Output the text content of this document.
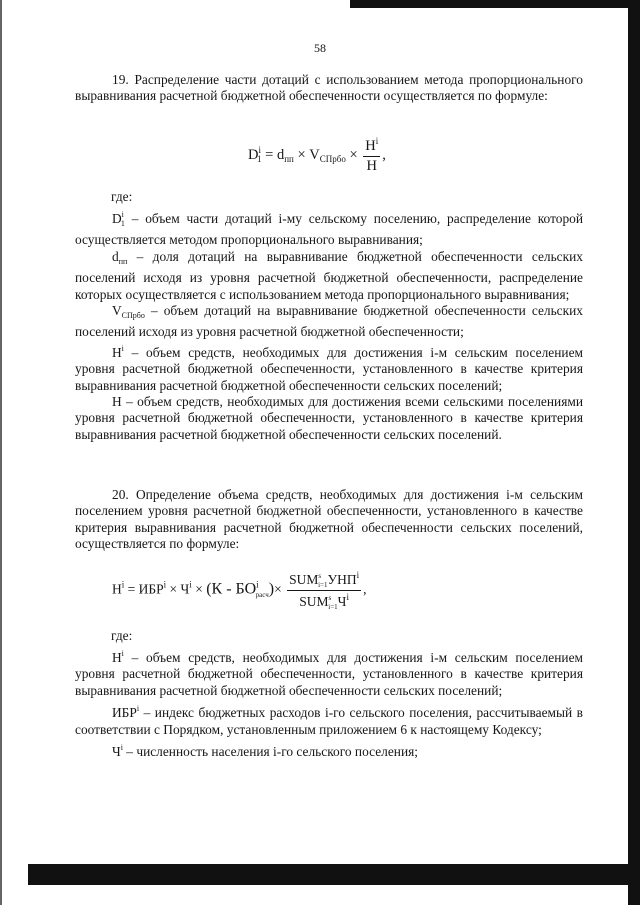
58

19. Распределение части дотаций с использованием метода пропорционального выравнивания расчетной бюджетной обеспеченности осуществляется по формуле:

$D^i_1 = d_{пп} \times V_{СПрбо} \times \frac{H^i}{H}$ ,
где:

$D^i_1$ – объем части дотаций i-му сельскому поселению, распределение которой осуществляется методом пропорционального выравнивания;

$d_{пп}$ – доля дотаций на выравнивание бюджетной обеспеченности сельских поселений исходя из уровня расчетной бюджетной обеспеченности, распределение которых осуществляется с использованием метода пропорционального выравнивания;

$V_{СПрбо}$ – объем дотаций на выравнивание бюджетной обеспеченности сельских поселений исходя из уровня расчетной бюджетной обеспеченности;

$H^i$ – объем средств, необходимых для достижения i-м сельским поселением уровня расчетной бюджетной обеспеченности, установленного в качестве критерия выравнивания расчетной бюджетной обеспеченности сельских поселений;

H – объем средств, необходимых для достижения всеми сельскими поселениями уровня расчетной бюджетной обеспеченности, установленного в качестве критерия выравнивания расчетной бюджетной обеспеченности сельских поселений.

20. Определение объема средств, необходимых для достижения i-м сельским поселением уровня расчетной бюджетной обеспеченности, установленного в качестве критерия выравнивания расчетной бюджетной обеспеченности сельских поселений, осуществляется по формуле:

$H^i = ИБР^i \times Ч^i \times (К - БО^i_{расч})\times \frac{SUM^s_{i=1}УНП^i}{SUM^s_{i=1}Ч^i}$ ,
где:

$H^i$ – объем средств, необходимых для достижения i-м сельским поселением уровня расчетной бюджетной обеспеченности, установленного в качестве критерия выравнивания расчетной бюджетной обеспеченности сельских поселений;

ИБР$^i$ – индекс бюджетных расходов i-го сельского поселения, рассчитываемый в соответствии с Порядком, установленным приложением 6 к настоящему Кодексу;

$Ч^i$ – численность населения i-го сельского поселения;
